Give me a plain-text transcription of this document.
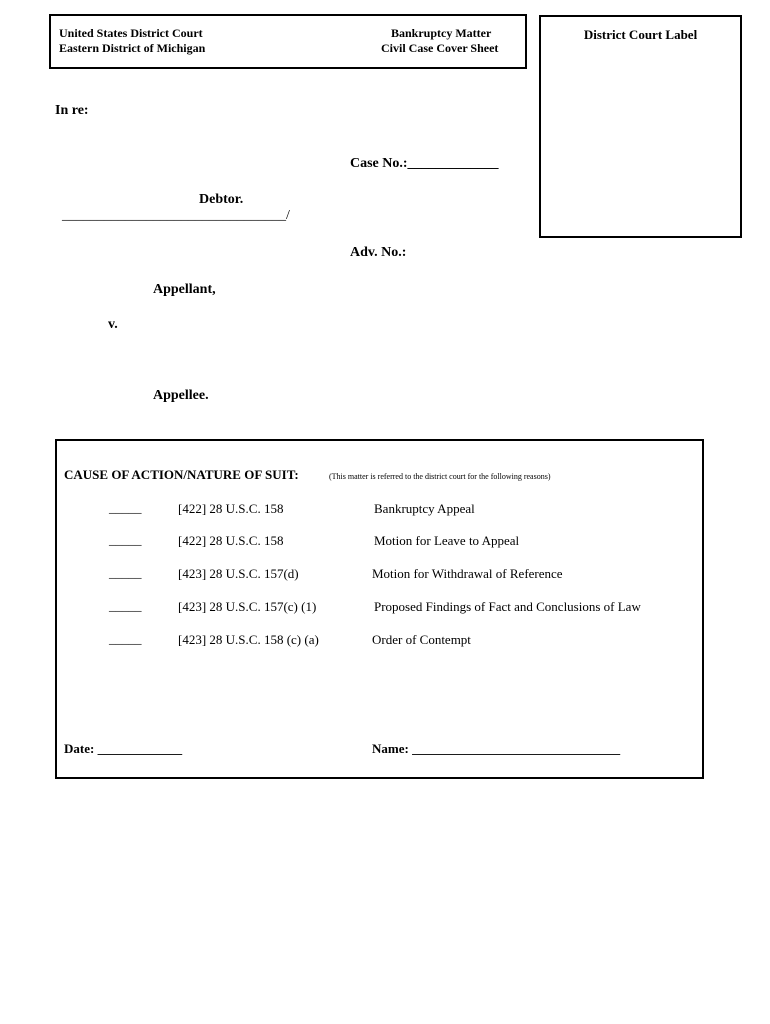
United States District Court
Eastern District of Michigan
Bankruptcy Matter
Civil Case Cover Sheet
District Court Label
In re:
Case No.:_____________
Debtor.
________________________________/
Adv. No.:
Appellant,
v.
Appellee.
CAUSE OF ACTION/NATURE OF SUIT:	(This matter is referred to the district court for the following reasons)
_____	[422] 28 U.S.C. 158	Bankruptcy Appeal
_____	[422] 28 U.S.C. 158	Motion for Leave to Appeal
_____	[423] 28 U.S.C. 157(d)	Motion for Withdrawal of Reference
_____	[423] 28 U.S.C. 157(c) (1)	Proposed Findings of Fact and Conclusions of Law
_____	[423] 28 U.S.C. 158 (c) (a)	Order of Contempt
Date: _____________	Name: ________________________________
